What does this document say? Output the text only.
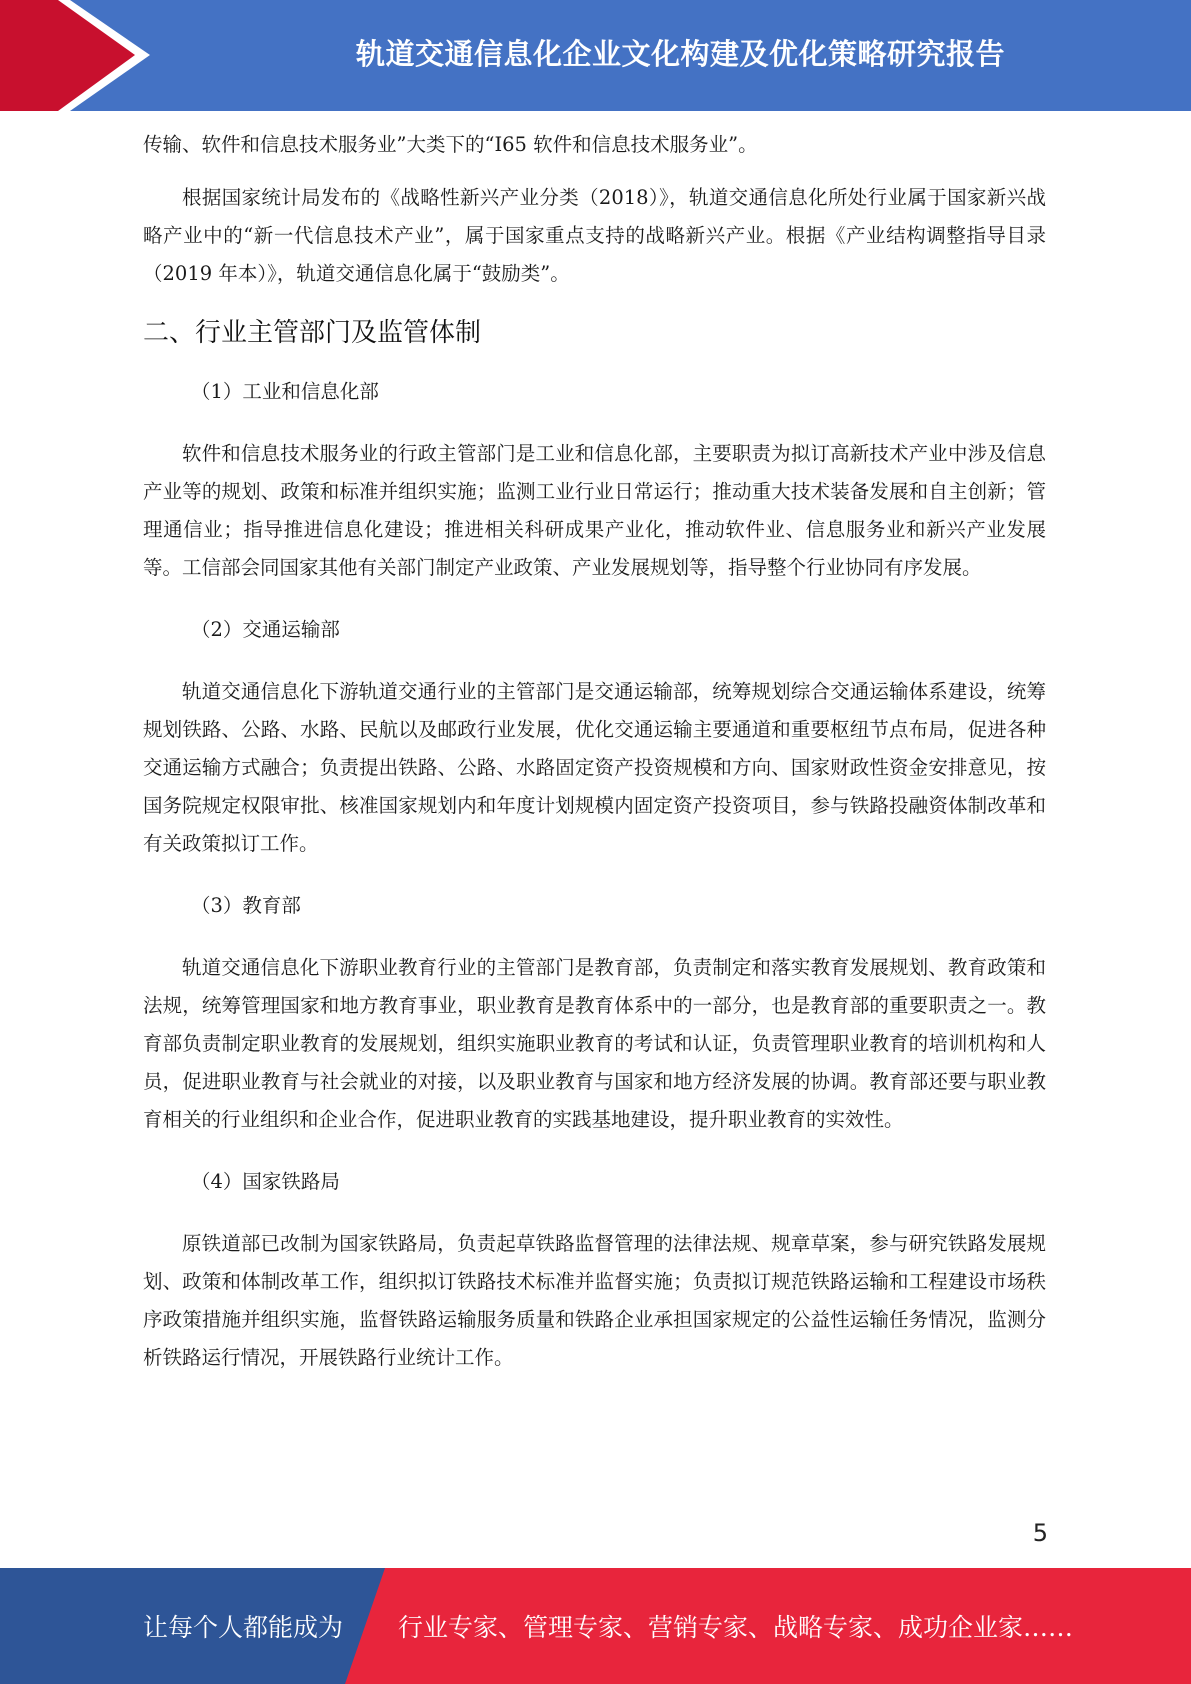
轨道交通信息化企业文化构建及优化策略研究报告

传输、软件和信息技术服务业”大类下的“I65 软件和信息技术服务业”。

根据国家统计局发布的《战略性新兴产业分类（2018）》，轨道交通信息化所处行业属于国家新兴战略产业中的“新一代信息技术产业”，属于国家重点支持的战略新兴产业。根据《产业结构调整指导目录（2019 年本）》，轨道交通信息化属于“鼓励类”。

二、行业主管部门及监管体制

（1）工业和信息化部

软件和信息技术服务业的行政主管部门是工业和信息化部，主要职责为拟订高新技术产业中涉及信息产业等的规划、政策和标准并组织实施；监测工业行业日常运行；推动重大技术装备发展和自主创新；管理通信业；指导推进信息化建设；推进相关科研成果产业化，推动软件业、信息服务业和新兴产业发展等。工信部会同国家其他有关部门制定产业政策、产业发展规划等，指导整个行业协同有序发展。

（2）交通运输部

轨道交通信息化下游轨道交通行业的主管部门是交通运输部，统筹规划综合交通运输体系建设，统筹规划铁路、公路、水路、民航以及邮政行业发展，优化交通运输主要通道和重要枢纽节点布局，促进各种交通运输方式融合；负责提出铁路、公路、水路固定资产投资规模和方向、国家财政性资金安排意见，按国务院规定权限审批、核准国家规划内和年度计划规模内固定资产投资项目，参与铁路投融资体制改革和有关政策拟订工作。

（3）教育部

轨道交通信息化下游职业教育行业的主管部门是教育部，负责制定和落实教育发展规划、教育政策和法规，统筹管理国家和地方教育事业，职业教育是教育体系中的一部分，也是教育部的重要职责之一。教育部负责制定职业教育的发展规划，组织实施职业教育的考试和认证，负责管理职业教育的培训机构和人员，促进职业教育与社会就业的对接，以及职业教育与国家和地方经济发展的协调。教育部还要与职业教育相关的行业组织和企业合作，促进职业教育的实践基地建设，提升职业教育的实效性。

（4）国家铁路局

原铁道部已改制为国家铁路局，负责起草铁路监督管理的法律法规、规章草案，参与研究铁路发展规划、政策和体制改革工作，组织拟订铁路技术标准并监督实施；负责拟订规范铁路运输和工程建设市场秩序政策措施并组织实施，监督铁路运输服务质量和铁路企业承担国家规定的公益性运输任务情况，监测分析铁路运行情况，开展铁路行业统计工作。

5
让每个人都能成为 行业专家、管理专家、营销专家、战略专家、成功企业家……
